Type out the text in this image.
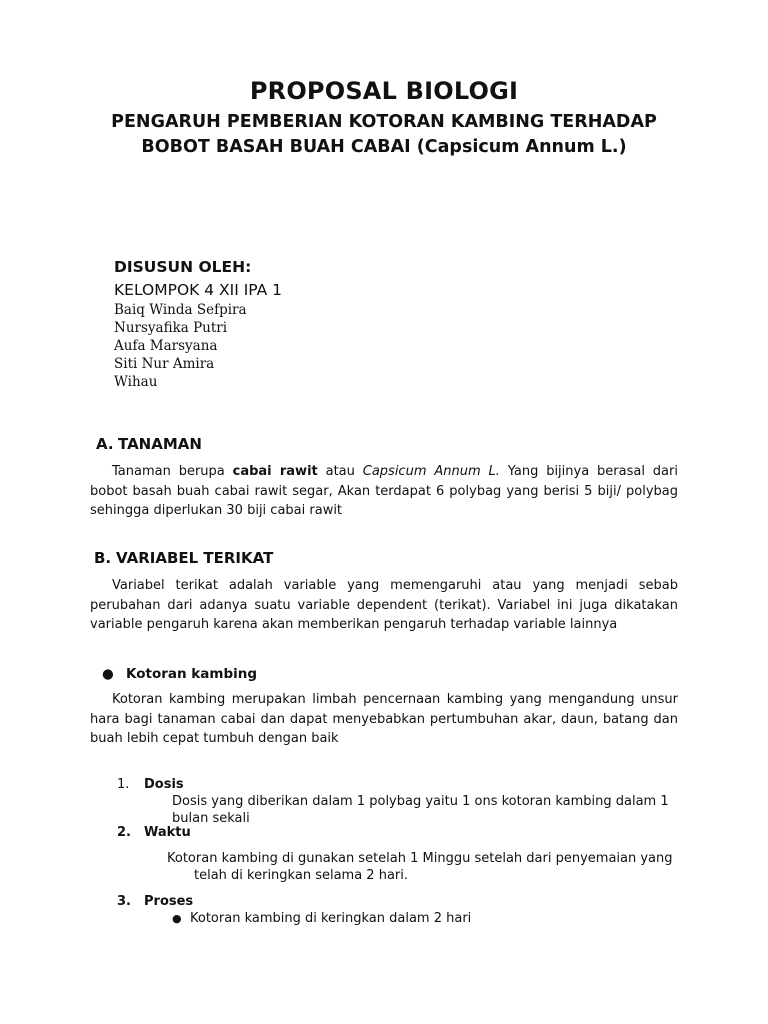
PROPOSAL BIOLOGI
PENGARUH PEMBERIAN KOTORAN KAMBING TERHADAP BOBOT BASAH BUAH CABAI (Capsicum Annum L.)
DISUSUN OLEH:
KELOMPOK 4 XII IPA 1
Baiq Winda Sefpira
Nursyafika Putri
Aufa Marsyana
Siti Nur Amira
Wihau
A. TANAMAN
Tanaman berupa cabai rawit atau Capsicum Annum L. Yang bijinya berasal dari bobot basah buah cabai rawit segar, Akan terdapat 6 polybag yang berisi 5 biji/ polybag sehingga diperlukan 30 biji cabai rawit
B. VARIABEL TERIKAT
Variabel terikat adalah variable yang memengaruhi atau yang menjadi sebab perubahan dari adanya suatu variable dependent (terikat). Variabel ini juga dikatakan variable pengaruh karena akan memberikan pengaruh terhadap variable lainnya
● Kotoran kambing
Kotoran kambing merupakan limbah pencernaan kambing yang mengandung unsur hara bagi tanaman cabai dan dapat menyebabkan pertumbuhan akar, daun, batang dan buah lebih cepat tumbuh dengan baik
1. Dosis
Dosis yang diberikan dalam 1 polybag yaitu 1 ons kotoran kambing dalam 1
bulan sekali
2. Waktu
Kotoran kambing di gunakan setelah 1 Minggu setelah dari penyemaian yang
telah di keringkan selama 2 hari.
3. Proses
● Kotoran kambing di keringkan dalam 2 hari
